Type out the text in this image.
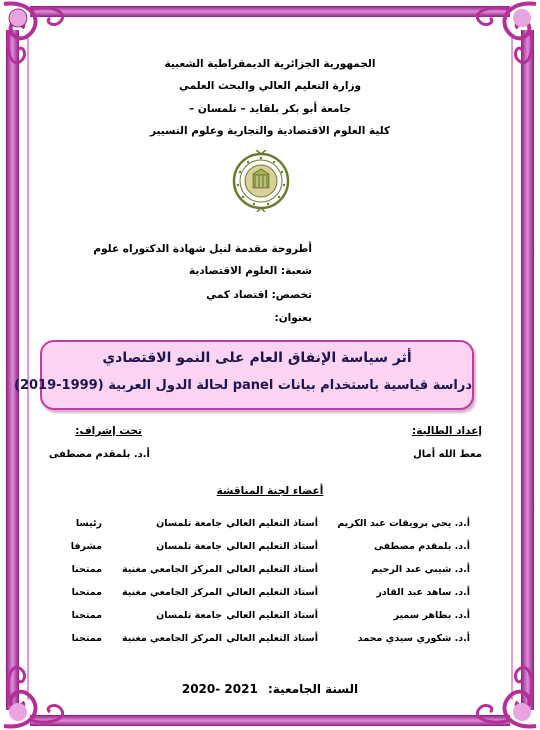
الجمهورية الجزائرية الديمقراطية الشعبية
وزارة التعليم العالي والبحث العلمي
جامعة أبو بكر بلقايد – تلمسان –
كلية العلوم الاقتصادية والتجارية وعلوم التسيير
أطروحة مقدمة لنيل شهادة الدكتوراه علوم
شعبة: العلوم الاقتصادية
تخصص: اقتصاد كمي
بعنوان:
أثر سياسة الإنفاق العام على النمو الاقتصادي
دراسة قياسية باستخدام بيانات panel لحالة الدول العربية (1999-2019)
إعداد الطالبة:
معط الله أمال
تحت إشراف:
أ.د. بلمقدم مصطفى
أعضاء لجنة المناقشة
أ.د. يحي برويقات عبد الكريم
أستاذ التعليم العالي
جامعة تلمسان
رئيسا
أ.د. بلمقدم مصطفى
أستاذ التعليم العالي
جامعة تلمسان
مشرفا
أ.د. شيبي عبد الرحيم
أستاذ التعليم العالي
المركز الجامعي مغنية
ممتحنا
أ.د. ساهد عبد القادر
أستاذ التعليم العالي
المركز الجامعي مغنية
ممتحنا
أ.د. بطاهر سمير
أستاذ التعليم العالي
جامعة تلمسان
ممتحنا
أ.د. شكوري سيدي محمد
أستاذ التعليم العالي
المركز الجامعي مغنية
ممتحنا
السنة الجامعية: 2020- 2021
